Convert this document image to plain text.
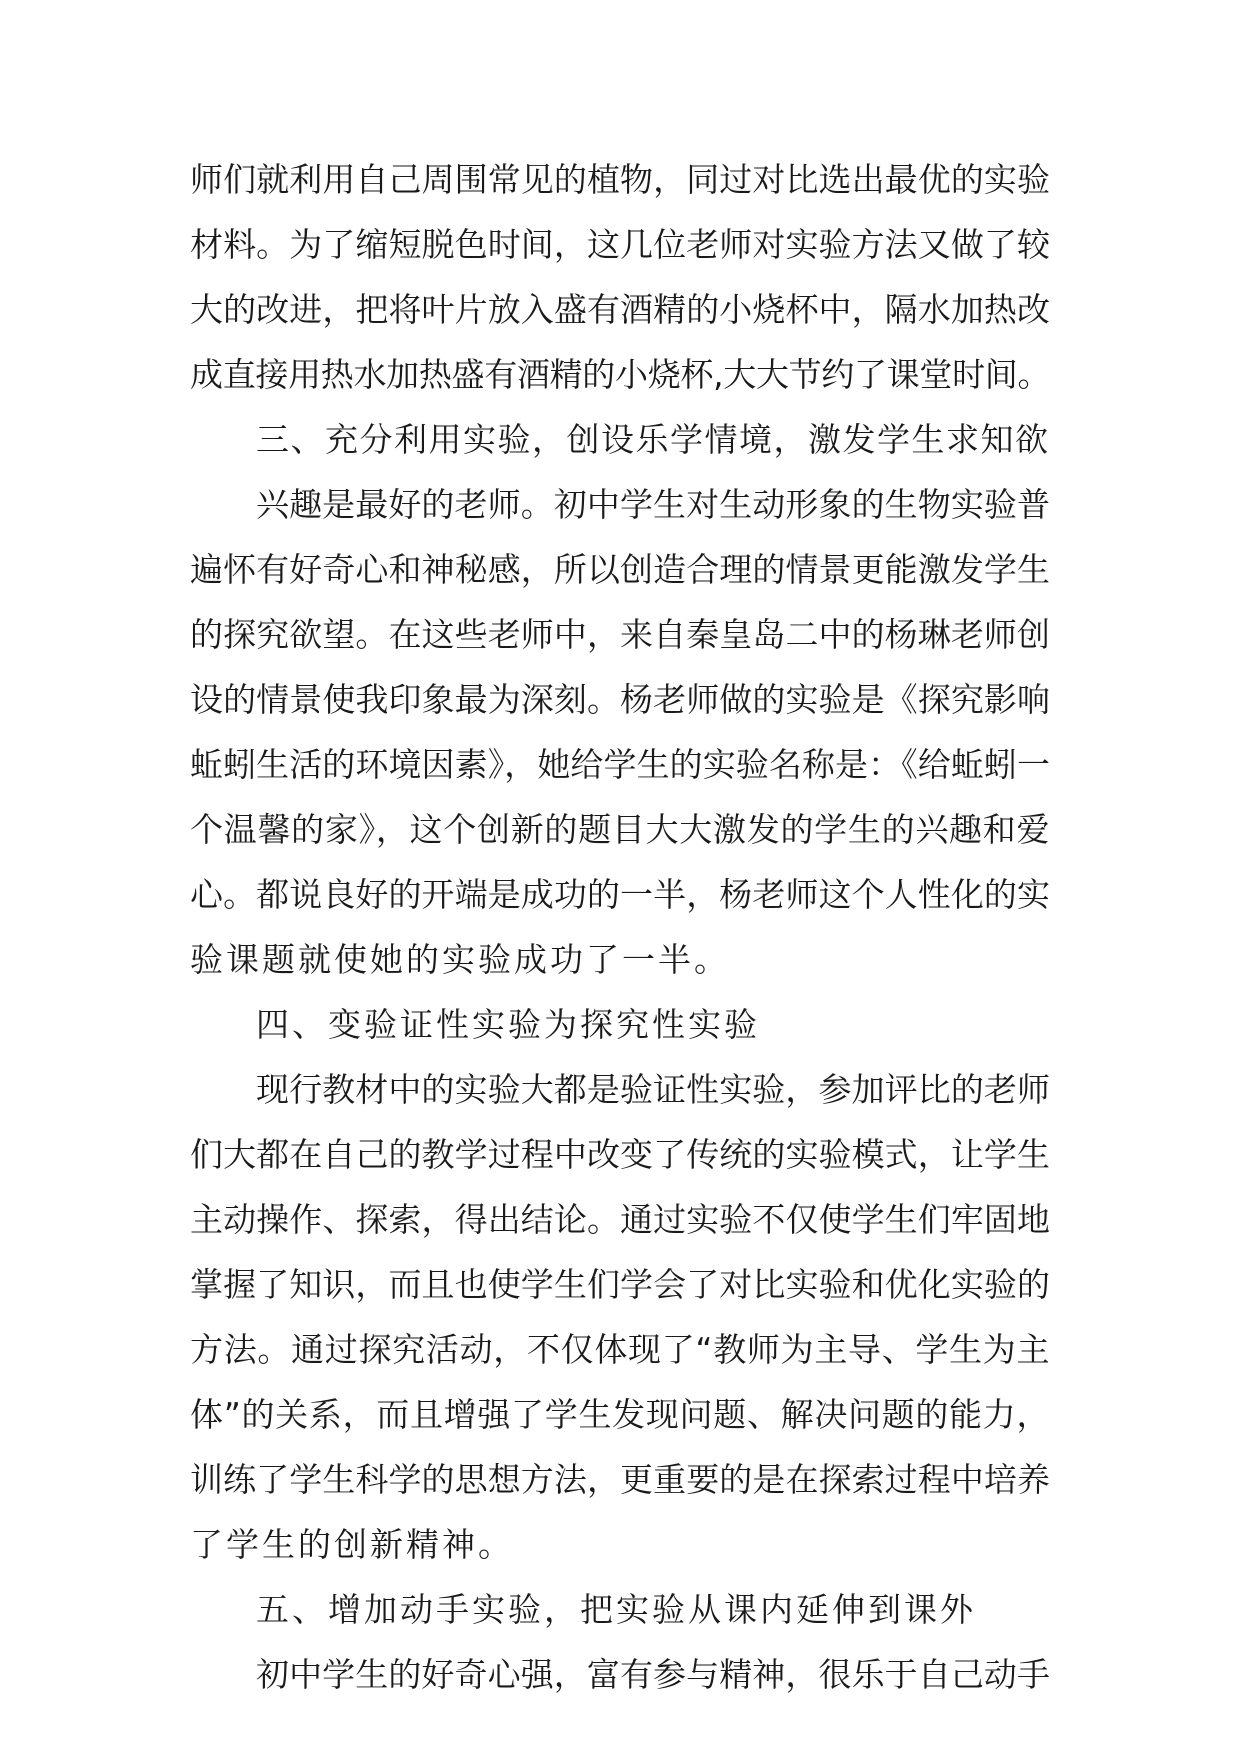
师们就利用自己周围常见的植物，同过对比选出最优的实验
材料。为了缩短脱色时间，这几位老师对实验方法又做了较
大的改进，把将叶片放入盛有酒精的小烧杯中，隔水加热改
成直接用热水加热盛有酒精的小烧杯,大大节约了课堂时间。
三、充分利用实验，创设乐学情境，激发学生求知欲
兴趣是最好的老师。初中学生对生动形象的生物实验普
遍怀有好奇心和神秘感，所以创造合理的情景更能激发学生
的探究欲望。在这些老师中，来自秦皇岛二中的杨琳老师创
设的情景使我印象最为深刻。杨老师做的实验是《探究影响
蚯蚓生活的环境因素》，她给学生的实验名称是：《给蚯蚓一
个温馨的家》，这个创新的题目大大激发的学生的兴趣和爱
心。都说良好的开端是成功的一半，杨老师这个人性化的实
验课题就使她的实验成功了一半。
四、变验证性实验为探究性实验
现行教材中的实验大都是验证性实验，参加评比的老师
们大都在自己的教学过程中改变了传统的实验模式，让学生
主动操作、探索，得出结论。通过实验不仅使学生们牢固地
掌握了知识，而且也使学生们学会了对比实验和优化实验的
方法。通过探究活动，不仅体现了“教师为主导、学生为主
体”的关系，而且增强了学生发现问题、解决问题的能力，
训练了学生科学的思想方法，更重要的是在探索过程中培养
了学生的创新精神。
五、增加动手实验，把实验从课内延伸到课外
初中学生的好奇心强，富有参与精神，很乐于自己动手
